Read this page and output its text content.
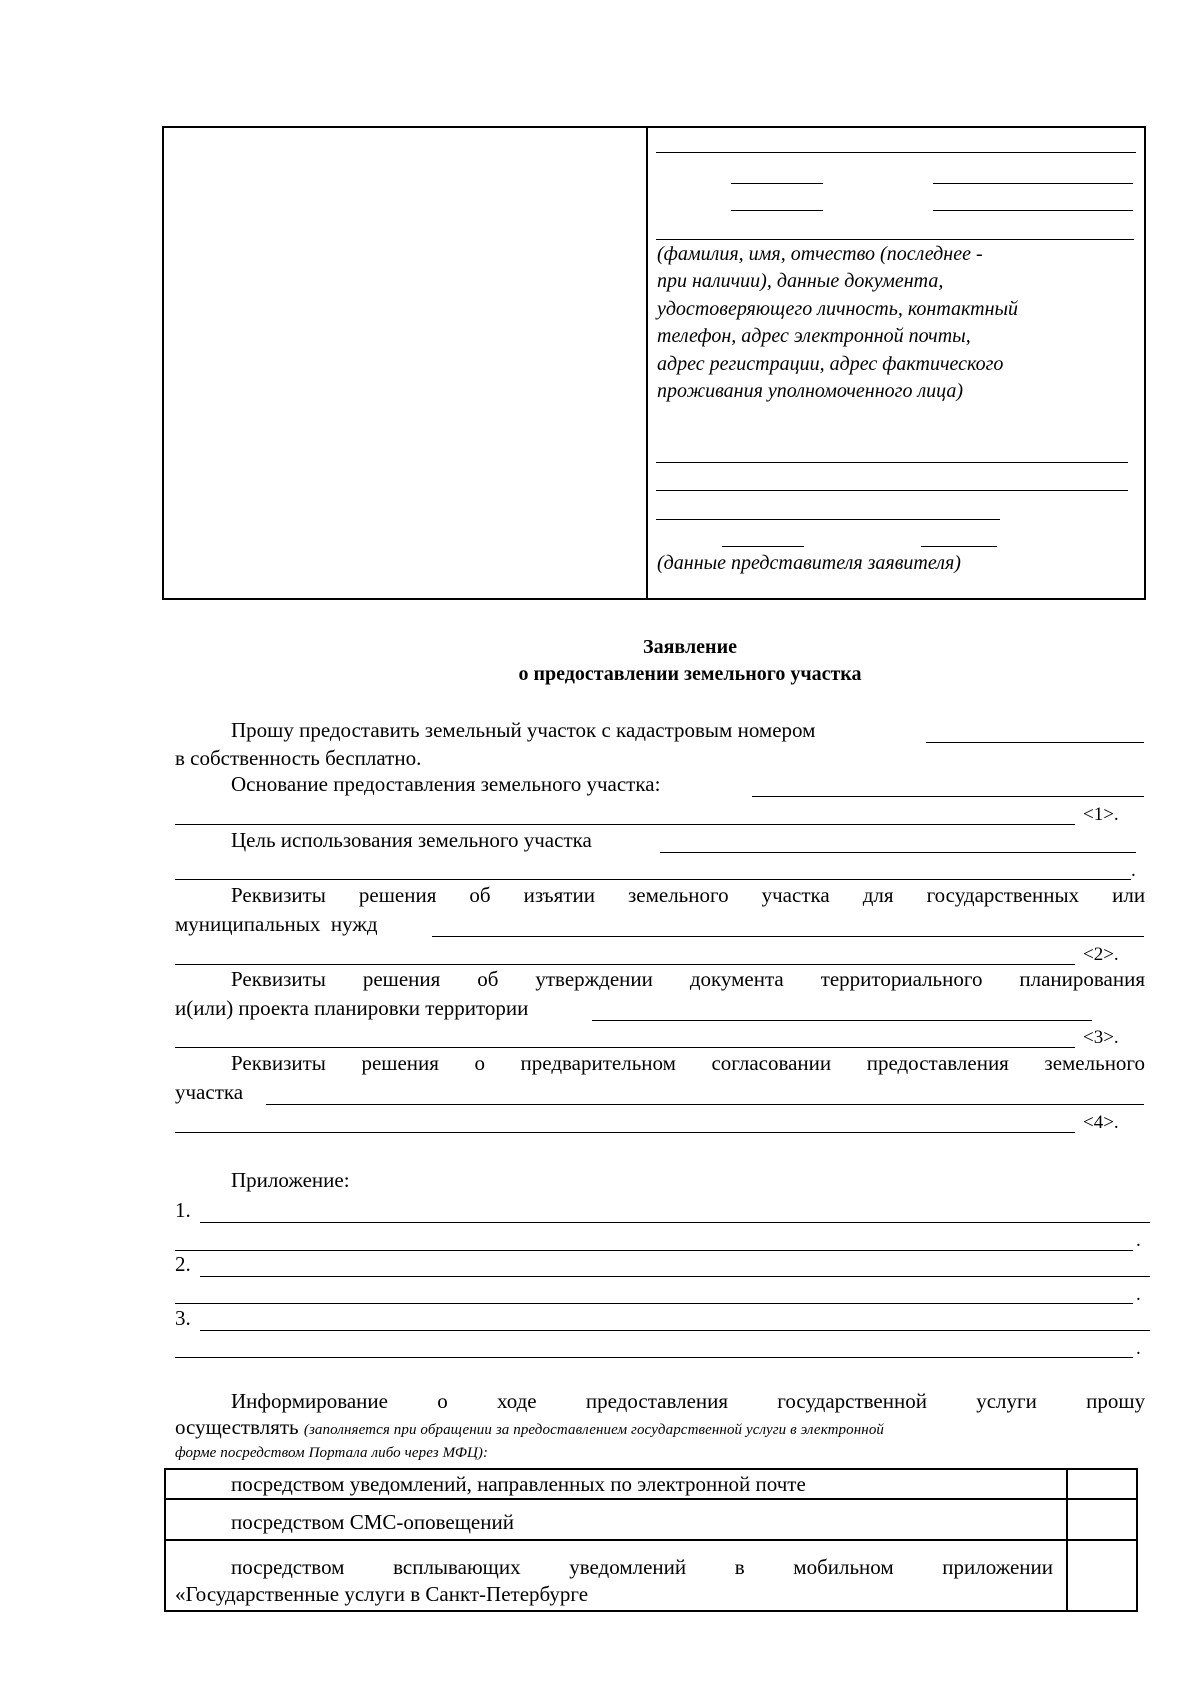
(фамилия, имя, отчество (последнее -
при наличии), данные документа,
удостоверяющего личность, контактный
телефон, адрес электронной почты,
адрес регистрации, адрес фактического
проживания уполномоченного лица)
(данные представителя заявителя)
Заявление
о предоставлении земельного участка
Прошу предоставить земельный участок с кадастровым номером
в собственность бесплатно.
Основание предоставления земельного участка:
<1>.
Цель использования земельного участка
.
Реквизиты решения об изъятии земельного участка для государственных или
муниципальных  нужд
<2>.
Реквизиты решения об утверждении документа территориального планирования
и(или) проекта планировки территории
<3>.
Реквизиты решения о предварительном согласовании предоставления земельного
участка
<4>.
Приложение:
1.
.
2.
.
3.
.
Информирование о ходе предоставления государственной услуги прошу
осуществлять (заполняется при обращении за предоставлением государственной услуги в электронной
форме посредством Портала либо через МФЦ):
посредством уведомлений, направленных по электронной почте
посредством СМС-оповещений
посредством всплывающих уведомлений в мобильном приложении
«Государственные услуги в Санкт-Петербурге
